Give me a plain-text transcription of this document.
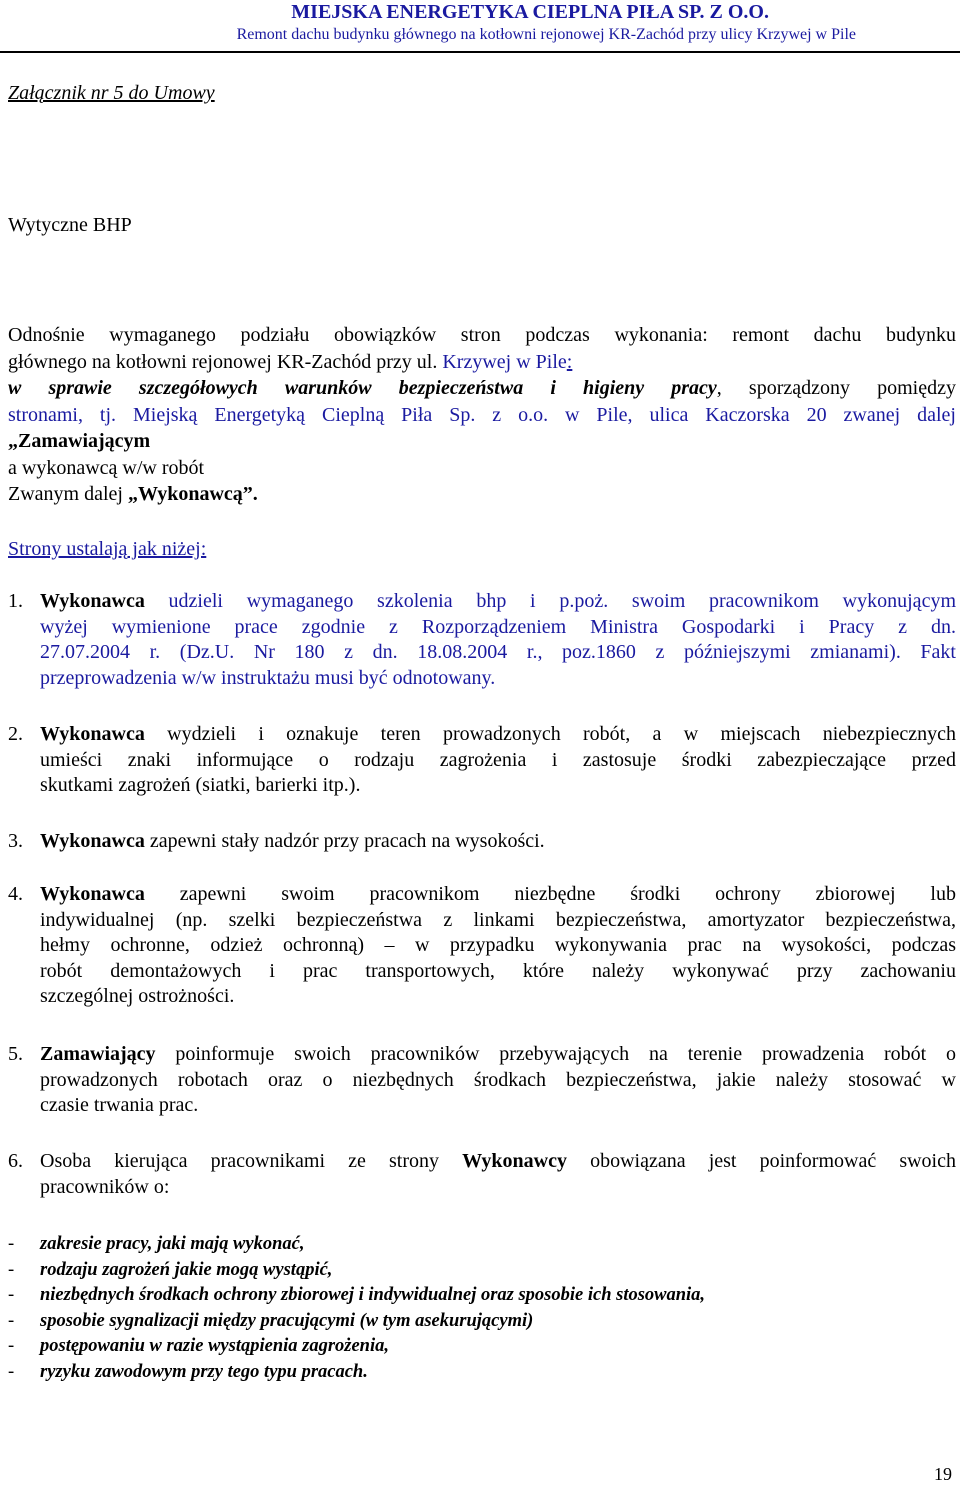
MIEJSKA ENERGETYKA CIEPLNA PIŁA SP. Z O.O.
Remont dachu budynku głównego na kotłowni rejonowej KR-Zachód przy ulicy Krzywej w Pile
Załącznik nr 5 do Umowy
Wytyczne BHP
Odnośnie wymaganego podziału obowiązków stron podczas wykonania: remont dachu budynku
głównego na kotłowni rejonowej KR-Zachód przy ul. Krzywej w Pile:
w sprawie szczegółowych warunków bezpieczeństwa i higieny pracy, sporządzony pomiędzy
stronami, tj. Miejską Energetyką Cieplną Piła Sp. z o.o. w Pile, ulica Kaczorska 20 zwanej dalej
„Zamawiającym
a wykonawcą w/w robót
Zwanym dalej „Wykonawcą”.
Strony ustalają jak niżej:
1. Wykonawca udzieli wymaganego szkolenia bhp i p.poż. swoim pracownikom wykonującym
wyżej wymienione prace zgodnie z Rozporządzeniem Ministra Gospodarki i Pracy z dn.
27.07.2004 r. (Dz.U. Nr 180 z dn. 18.08.2004 r., poz.1860 z późniejszymi zmianami). Fakt
przeprowadzenia w/w instruktażu musi być odnotowany.
2. Wykonawca wydzieli i oznakuje teren prowadzonych robót, a w miejscach niebezpiecznych
umieści znaki informujące o rodzaju zagrożenia i zastosuje środki zabezpieczające przed
skutkami zagrożeń (siatki, barierki itp.).
3. Wykonawca zapewni stały nadzór przy pracach na wysokości.
4. Wykonawca zapewni swoim pracownikom niezbędne środki ochrony zbiorowej lub
indywidualnej (np. szelki bezpieczeństwa z linkami bezpieczeństwa, amortyzator bezpieczeństwa,
hełmy ochronne, odzież ochronną) – w przypadku wykonywania prac na wysokości, podczas
robót demontażowych i prac transportowych, które należy wykonywać przy zachowaniu
szczególnej ostrożności.
5. Zamawiający poinformuje swoich pracowników przebywających na terenie prowadzenia robót o
prowadzonych robotach oraz o niezbędnych środkach bezpieczeństwa, jakie należy stosować w
czasie trwania prac.
6. Osoba kierująca pracownikami ze strony Wykonawcy obowiązana jest poinformować swoich
pracowników o:
- zakresie pracy, jaki mają wykonać,
- rodzaju zagrożeń jakie mogą wystąpić,
- niezbędnych środkach ochrony zbiorowej i indywidualnej oraz sposobie ich stosowania,
- sposobie sygnalizacji między pracującymi (w tym asekurującymi)
- postępowaniu w razie wystąpienia zagrożenia,
- ryzyku zawodowym przy tego typu pracach.
19
